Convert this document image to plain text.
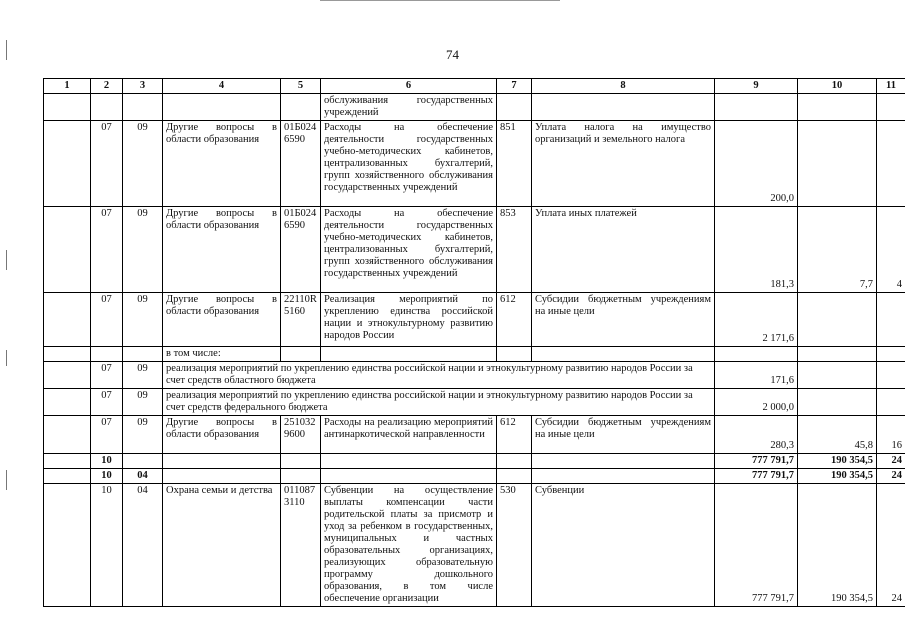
74
1	2	3	4	5	6	7	8	9	10	11
					обслуживания государственных учреждений					
	07	09	Другие вопросы в области образования	01Б024 6590	Расходы на обеспечение деятельности государственных учебно-методических кабинетов, централизованных бухгалтерий, групп хозяйственного обслуживания государственных учреждений	851	Уплата налога на имущество организаций и земельного налога	200,0		
	07	09	Другие вопросы в области образования	01Б024 6590	Расходы на обеспечение деятельности государственных учебно-методических кабинетов, централизованных бухгалтерий, групп хозяйственного обслуживания государственных учреждений	853	Уплата иных платежей	181,3	7,7	4
	07	09	Другие вопросы в области образования	22110R 5160	Реализация мероприятий по укреплению единства российской нации и этнокультурному развитию народов России	612	Субсидии бюджетным учреждениям на иные цели	2 171,6		
			в том числе:							
	07	09	реализация мероприятий по укреплению единства российской нации и этнокультурному развитию народов России за счет средств областного бюджета					171,6		
	07	09	реализация мероприятий по укреплению единства российской нации и этнокультурному развитию народов России за счет средств федерального бюджета					2 000,0		
	07	09	Другие вопросы в области образования	251032 9600	Расходы на реализацию мероприятий антинаркотической направленности	612	Субсидии бюджетным учреждениям на иные цели	280,3	45,8	16
	10							777 791,7	190 354,5	24
	10	04						777 791,7	190 354,5	24
	10	04	Охрана семьи и детства	011087 3110	Субвенции на осуществление выплаты компенсации части родительской платы за присмотр и уход за ребенком в государственных, муниципальных и частных образовательных организациях, реализующих образовательную программу дошкольного образования, в том числе обеспечение организации	530	Субвенции	777 791,7	190 354,5	24
